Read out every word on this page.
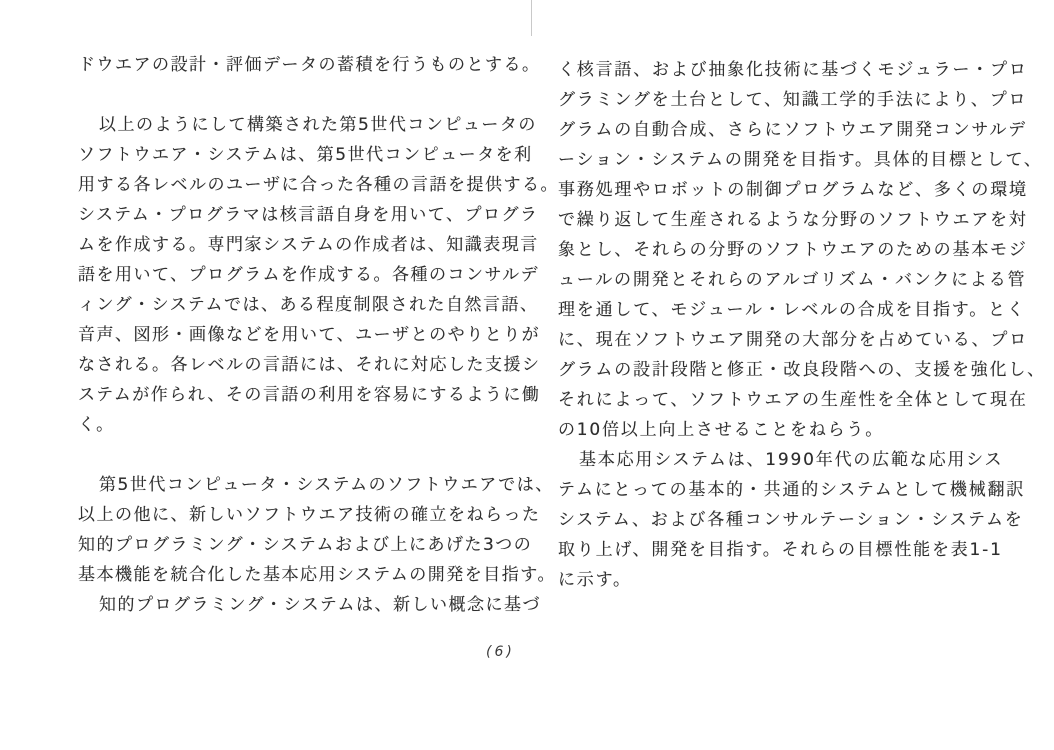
ドウエアの設計・評価データの蓄積を行うものとする。
以上のようにして構築された第5世代コンピュータの
ソフトウエア・システムは、第5世代コンピュータを利
用する各レベルのユーザに合った各種の言語を提供する。
システム・プログラマは核言語自身を用いて、プログラ
ムを作成する。専門家システムの作成者は、知識表現言
語を用いて、プログラムを作成する。各種のコンサルデ
ィング・システムでは、ある程度制限された自然言語、
音声、図形・画像などを用いて、ユーザとのやりとりが
なされる。各レベルの言語には、それに対応した支援シ
ステムが作られ、その言語の利用を容易にするように働
く。
第5世代コンピュータ・システムのソフトウエアでは、
以上の他に、新しいソフトウエア技術の確立をねらった
知的プログラミング・システムおよび上にあげた3つの
基本機能を統合化した基本応用システムの開発を目指す。
知的プログラミング・システムは、新しい概念に基づ
く核言語、および抽象化技術に基づくモジュラー・プロ
グラミングを土台として、知識工学的手法により、プロ
グラムの自動合成、さらにソフトウエア開発コンサルデ
ーション・システムの開発を目指す。具体的目標として、
事務処理やロボットの制御プログラムなど、多くの環境
で繰り返して生産されるような分野のソフトウエアを対
象とし、それらの分野のソフトウエアのための基本モジ
ュールの開発とそれらのアルゴリズム・バンクによる管
理を通して、モジュール・レベルの合成を目指す。とく
に、現在ソフトウエア開発の大部分を占めている、プロ
グラムの設計段階と修正・改良段階への、支援を強化し、
それによって、ソフトウエアの生産性を全体として現在
の10倍以上向上させることをねらう。
基本応用システムは、1990年代の広範な応用シス
テムにとっての基本的・共通的システムとして機械翻訳
システム、および各種コンサルテーション・システムを
取り上げ、開発を目指す。それらの目標性能を表1-1
に示す。
(6)
